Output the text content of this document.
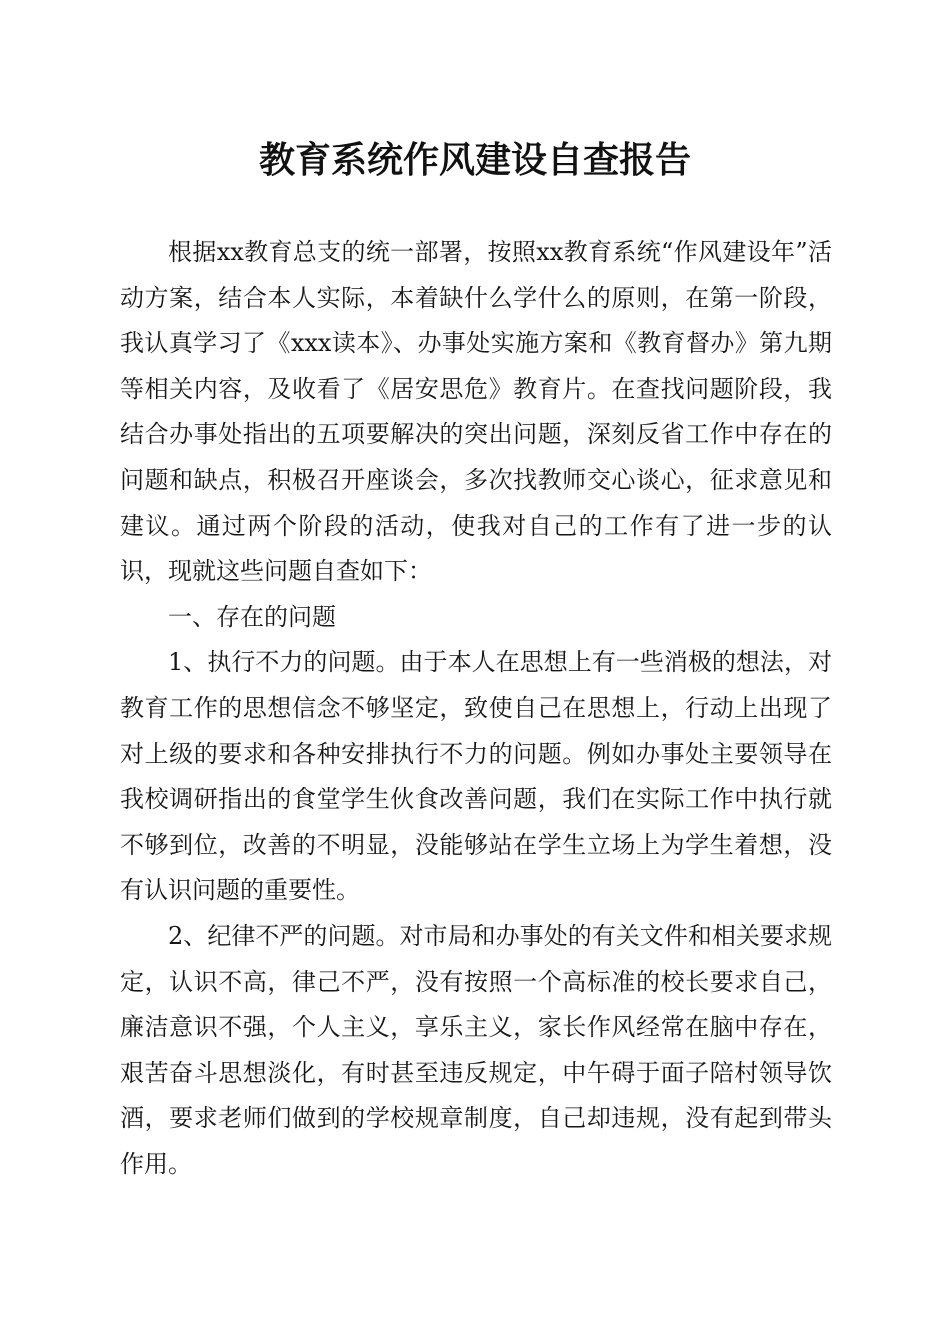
教育系统作风建设自查报告

根据xx教育总支的统一部署，按照xx教育系统“作风建设年”活动方案，结合本人实际，本着缺什么学什么的原则，在第一阶段，我认真学习了《xxx读本》、办事处实施方案和《教育督办》第九期等相关内容，及收看了《居安思危》教育片。在查找问题阶段，我结合办事处指出的五项要解决的突出问题，深刻反省工作中存在的问题和缺点，积极召开座谈会，多次找教师交心谈心，征求意见和建议。通过两个阶段的活动，使我对自己的工作有了进一步的认识，现就这些问题自查如下：

一、存在的问题

1、执行不力的问题。由于本人在思想上有一些消极的想法，对教育工作的思想信念不够坚定，致使自己在思想上，行动上出现了对上级的要求和各种安排执行不力的问题。例如办事处主要领导在我校调研指出的食堂学生伙食改善问题，我们在实际工作中执行就不够到位，改善的不明显，没能够站在学生立场上为学生着想，没有认识问题的重要性。

2、纪律不严的问题。对市局和办事处的有关文件和相关要求规定，认识不高，律己不严，没有按照一个高标准的校长要求自己，廉洁意识不强，个人主义，享乐主义，家长作风经常在脑中存在，艰苦奋斗思想淡化，有时甚至违反规定，中午碍于面子陪村领导饮酒，要求老师们做到的学校规章制度，自己却违规，没有起到带头作用。
